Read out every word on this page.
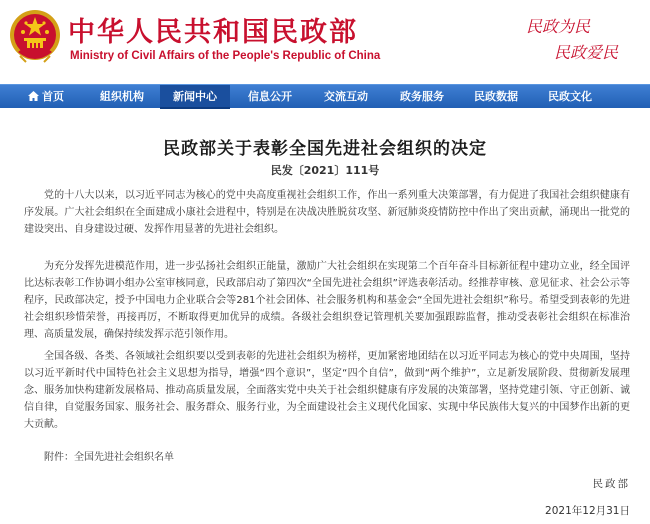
中华人民共和国民政部
Ministry of Civil Affairs of the People's Republic of China
民政为民
民政爱民
首页	組织机构	新闻中心	信息公开	交流互动	政务服务	民政数据	民政文化
民政部关于表彰全国先进社会组织的决定
民发〔2021〕111号

党的十八大以来，以习近平同志为核心的党中央高度重视社会组织工作，作出一系列重大决策部署，有力促进了我国社会组织健康有序发展。广大社会组织在全面建成小康社会进程中，特别是在决战决胜脱贫攻坚、新冠肺炎疫情防控中作出了突出贡献，涌现出一批党的建设突出、自身建设过硬、发挥作用显著的先进社会组织。

为充分发挥先进模范作用，进一步弘扬社会组织正能量，激励广大社会组织在实现第二个百年奋斗目标新征程中建功立业，经全国评比达标表彰工作协调小组办公室审核同意，民政部启动了第四次“全国先进社会组织”评选表彰活动。经推荐审核、意见征求、社会公示等程序，民政部决定，授予中国电力企业联合会等281个社会团体、社会服务机构和基金会“全国先进社会组织”称号。希望受到表彰的先进社会组织珍惜荣誉，再接再厉，不断取得更加优异的成绩。各级社会组织登记管理机关要加强跟踪监督，推动受表彰社会组织在标准治理、高质量发展，确保持续发挥示范引领作用。

全国各级、各类、各领域社会组织要以受到表彰的先进社会组织为榜样，更加紧密地团结在以习近平同志为核心的党中央周围，坚持以习近平新时代中国特色社会主义思想为指导，增强“四个意识”，坚定“四个自信”，做到“两个维护”，立足新发展阶段、贯彻新发展理念、服务加快构建新发展格局、推动高质量发展，全面落实党中央关于社会组织健康有序发展的决策部署，坚持党建引领、守正创新、诚信自律，自觉服务国家、服务社会、服务群众、服务行业，为全面建设社会主义现代化国家、实现中华民族伟大复兴的中国梦作出新的更大贡献。

附件：全国先进社会组织名单
民政部
2021年12月31日
